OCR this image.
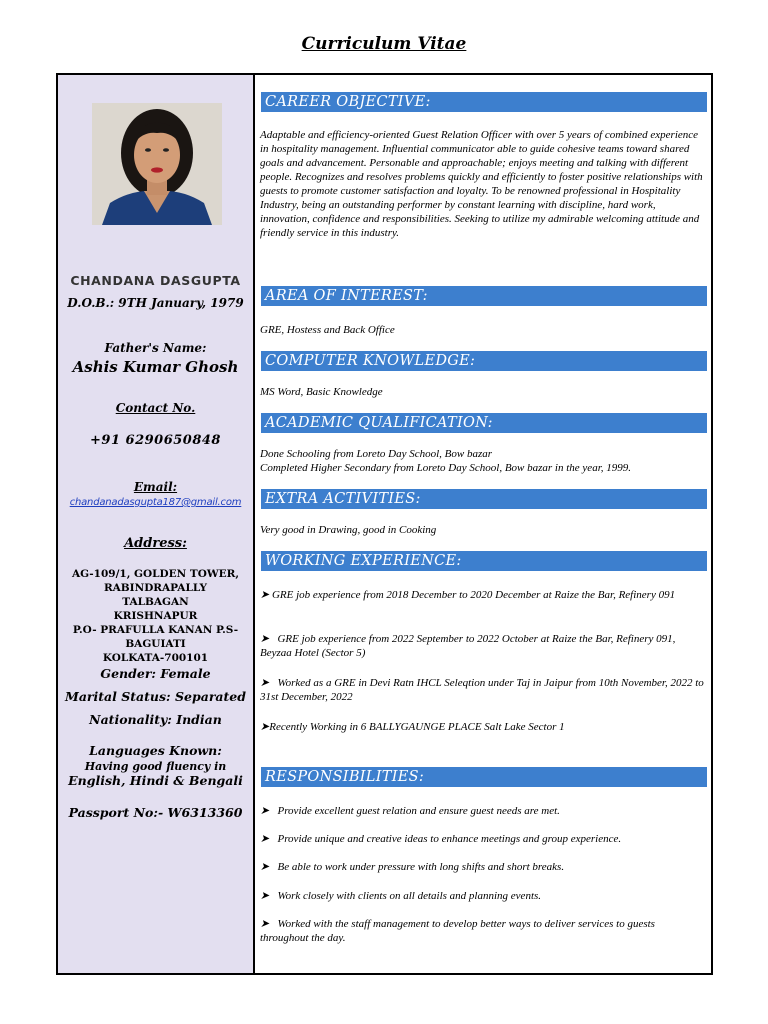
Curriculum Vitae
CHANDANA DASGUPTA
D.O.B.: 9TH January, 1979
Father's Name:
Ashis Kumar Ghosh
Contact No.
+91 6290650848
Email:
chandanadasgupta187@gmail.com
Address:
AG-109/1, GOLDEN TOWER,
RABINDRAPALLY TALBAGAN
KRISHNAPUR
P.O- PRAFULLA KANAN P.S-
BAGUIATI
KOLKATA-700101
Gender: Female
Marital Status: Separated
Nationality: Indian
Languages Known:
Having good fluency in
English, Hindi & Bengali
Passport No:- W6313360
CAREER OBJECTIVE:
Adaptable and efficiency-oriented Guest Relation Officer with over 5 years of combined experience in hospitality management. Influential communicator able to guide cohesive teams toward shared goals and advancement. Personable and approachable; enjoys meeting and talking with different people. Recognizes and resolves problems quickly and efficiently to foster positive relationships with guests to promote customer satisfaction and loyalty. To be renowned professional in Hospitality Industry, being an outstanding performer by constant learning with discipline, hard work, innovation, confidence and responsibilities. Seeking to utilize my admirable welcoming attitude and friendly service in this industry.
AREA OF INTEREST:
GRE, Hostess and Back Office
COMPUTER KNOWLEDGE:
MS Word, Basic Knowledge
ACADEMIC QUALIFICATION:
Done Schooling from Loreto Day School, Bow bazar
Completed Higher Secondary from Loreto Day School, Bow bazar in the year, 1999.
EXTRA ACTIVITIES:
Very good in Drawing, good in Cooking
WORKING EXPERIENCE:
➤ GRE job experience from 2018 December to 2020 December at Raize the Bar, Refinery 091
➤ GRE job experience from 2022 September to 2022 October at Raize the Bar, Refinery 091, Beyzaa Hotel (Sector 5)
➤ Worked as a GRE in Devi Ratn IHCL Seleqtion under Taj in Jaipur from 10th November, 2022 to 31st December, 2022
➤Recently Working in 6 BALLYGAUNGE PLACE Salt Lake Sector 1
RESPONSIBILITIES:
➤ Provide excellent guest relation and ensure guest needs are met.
➤ Provide unique and creative ideas to enhance meetings and group experience.
➤ Be able to work under pressure with long shifts and short breaks.
➤ Work closely with clients on all details and planning events.
➤ Worked with the staff management to develop better ways to deliver services to guests throughout the day.
